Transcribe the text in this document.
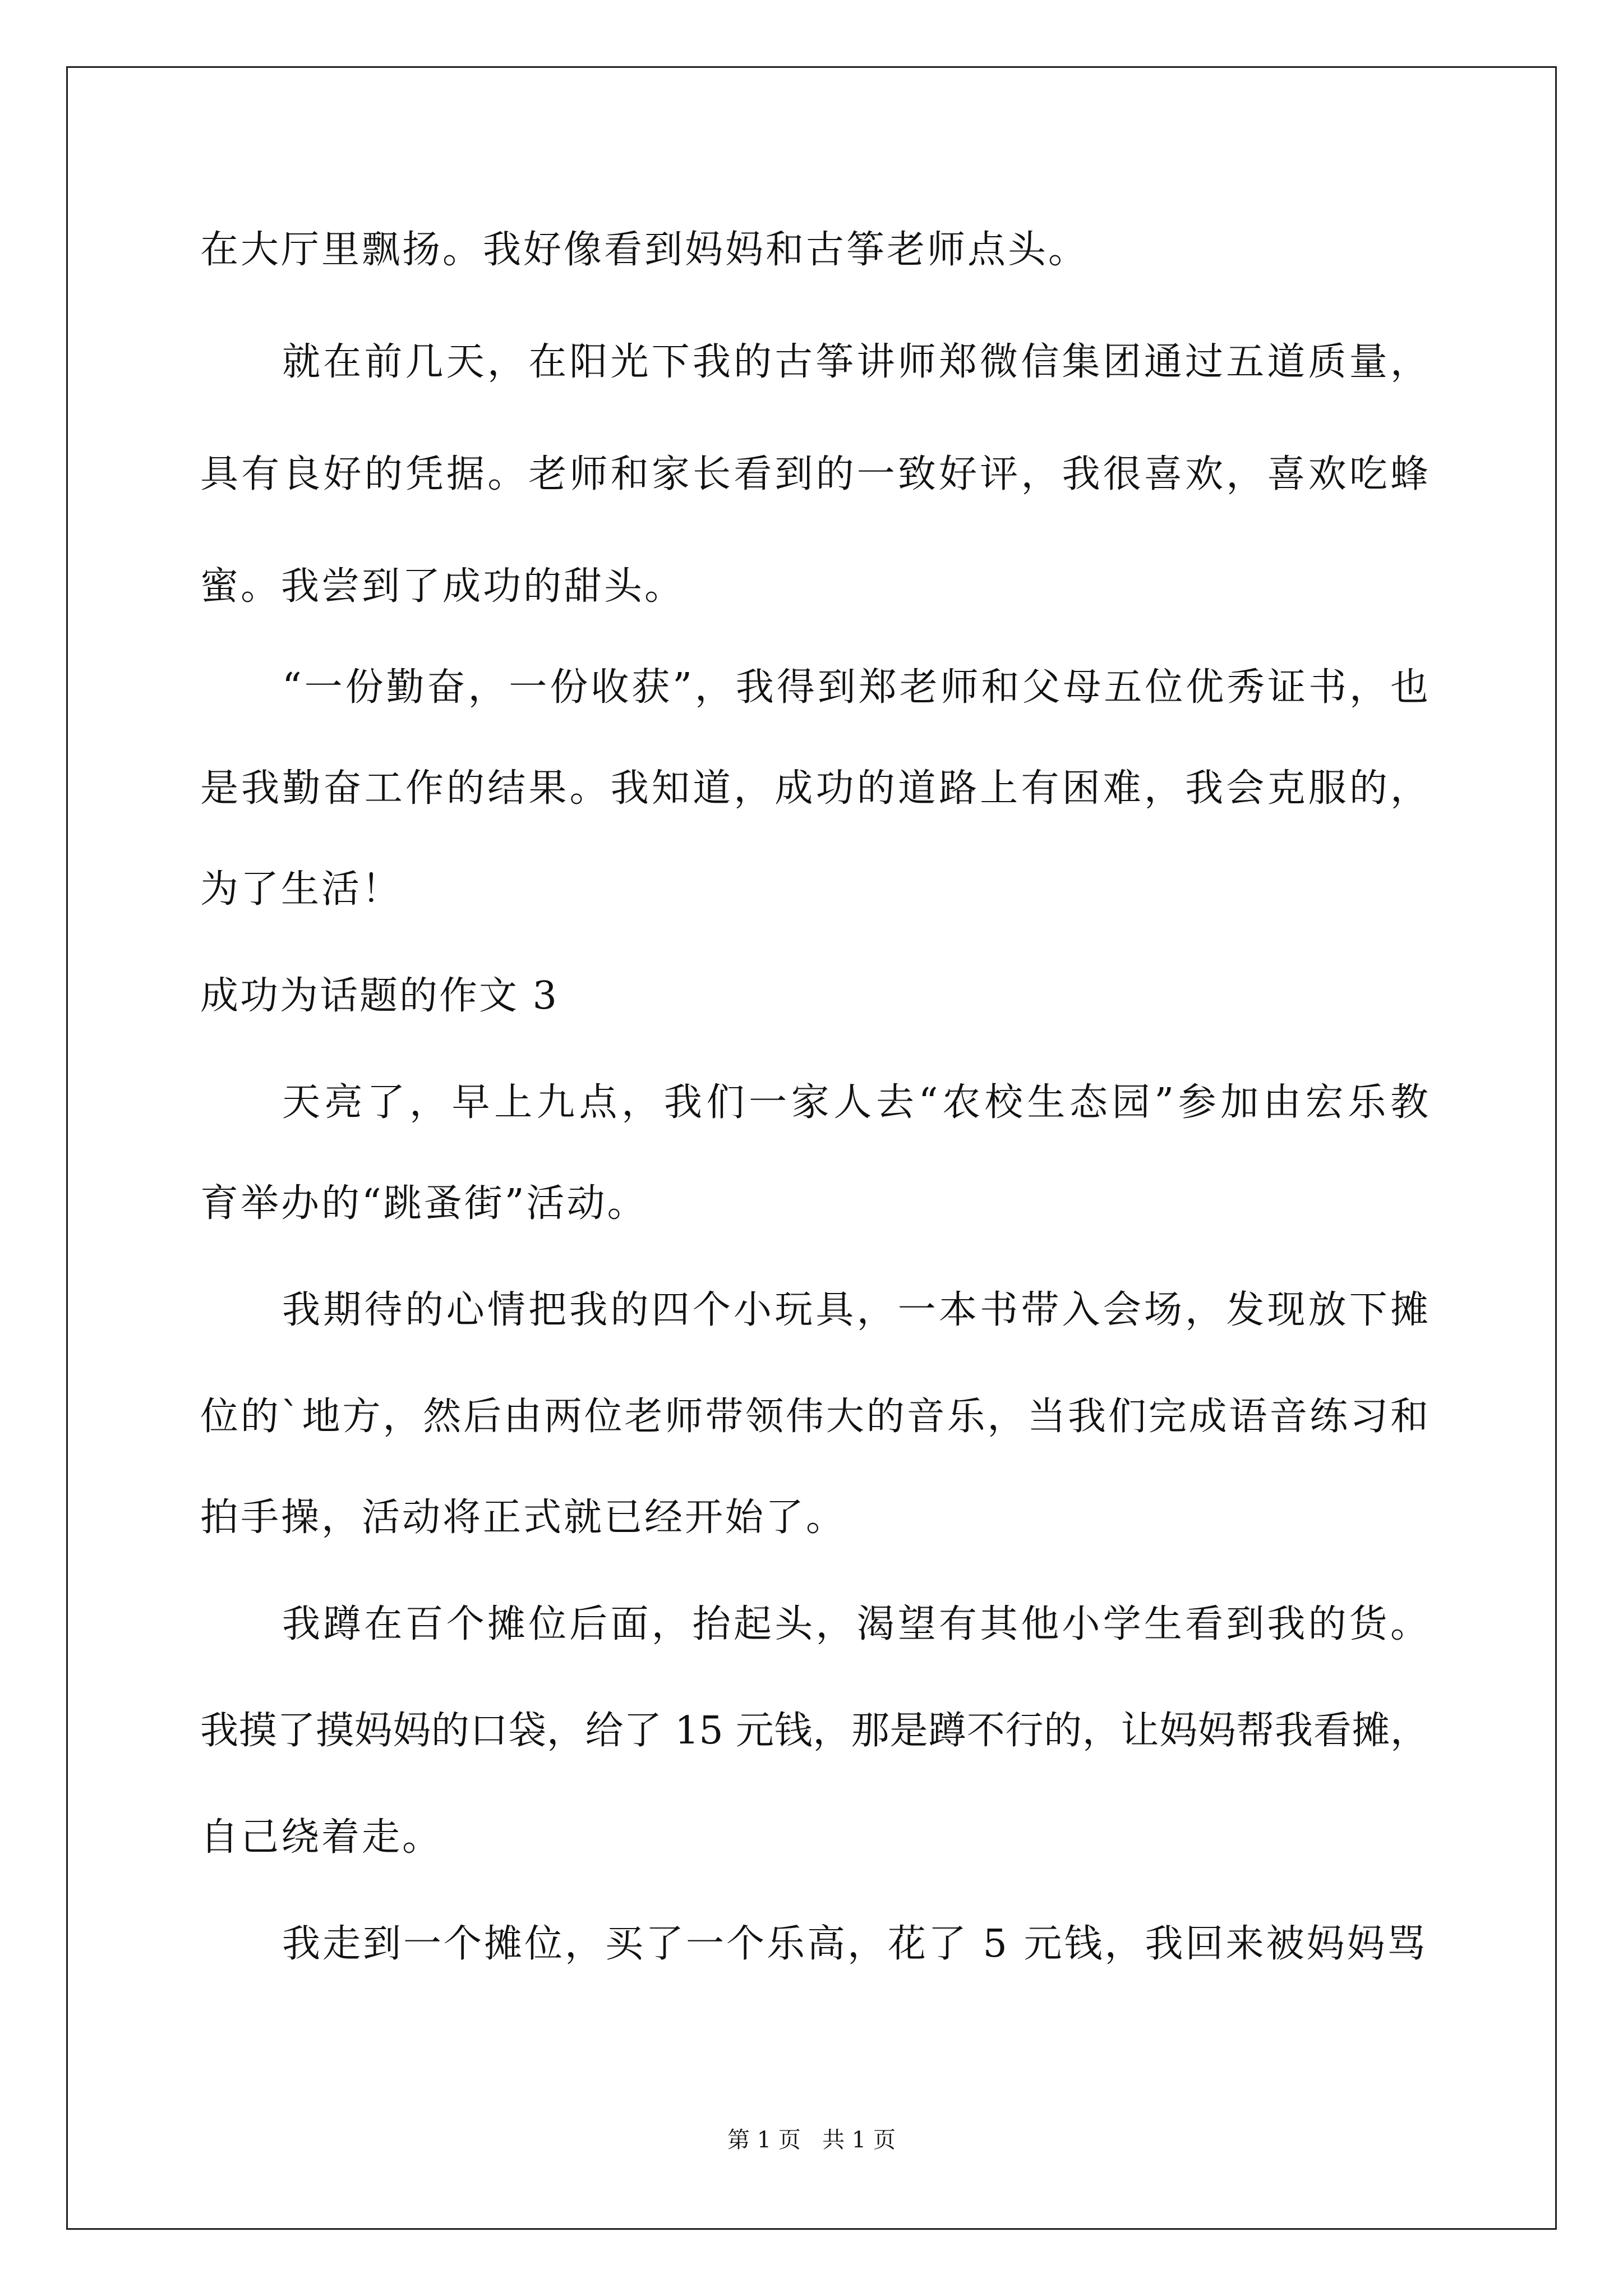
在大厅里飘扬。我好像看到妈妈和古筝老师点头。
就在前几天，在阳光下我的古筝讲师郑微信集团通过五道质量，
具有良好的凭据。老师和家长看到的一致好评，我很喜欢，喜欢吃蜂
蜜。我尝到了成功的甜头。
“一份勤奋，一份收获”，我得到郑老师和父母五位优秀证书，也
是我勤奋工作的结果。我知道，成功的道路上有困难，我会克服的，
为了生活！
成功为话题的作文 3
天亮了，早上九点，我们一家人去“农校生态园”参加由宏乐教
育举办的“跳蚤街”活动。
我期待的心情把我的四个小玩具，一本书带入会场，发现放下摊
位的`地方，然后由两位老师带领伟大的音乐，当我们完成语音练习和
拍手操，活动将正式就已经开始了。
我蹲在百个摊位后面，抬起头，渴望有其他小学生看到我的货。
我摸了摸妈妈的口袋，给了 15 元钱，那是蹲不行的，让妈妈帮我看摊，
自己绕着走。
我走到一个摊位，买了一个乐高，花了 5 元钱，我回来被妈妈骂
第 1 页   共 1 页
